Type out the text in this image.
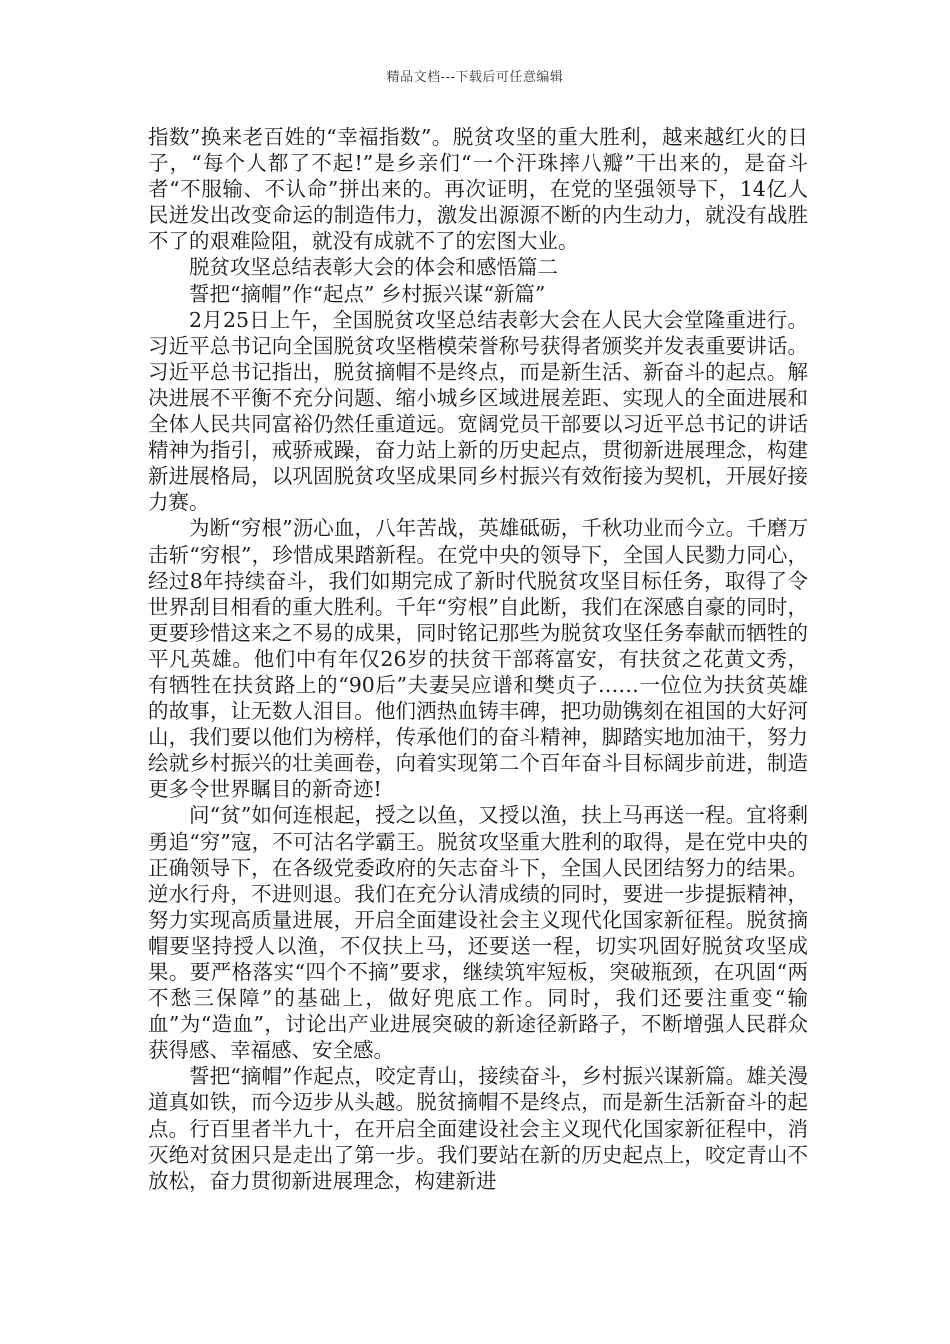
精品文档---下载后可任意编辑

指数”换来老百姓的“幸福指数”。脱贫攻坚的重大胜利，越来越红火的日子，“每个人都了不起!”是乡亲们“一个汗珠摔八瓣”干出来的，是奋斗者“不服输、不认命”拼出来的。再次证明，在党的坚强领导下，14亿人民迸发出改变命运的制造伟力，激发出源源不断的内生动力，就没有战胜不了的艰难险阻，就没有成就不了的宏图大业。

脱贫攻坚总结表彰大会的体会和感悟篇二

誓把“摘帽”作“起点” 乡村振兴谋“新篇”

2月25日上午，全国脱贫攻坚总结表彰大会在人民大会堂隆重进行。习近平总书记向全国脱贫攻坚楷模荣誉称号获得者颁奖并发表重要讲话。习近平总书记指出，脱贫摘帽不是终点，而是新生活、新奋斗的起点。解决进展不平衡不充分问题、缩小城乡区域进展差距、实现人的全面进展和全体人民共同富裕仍然任重道远。宽阔党员干部要以习近平总书记的讲话精神为指引，戒骄戒躁，奋力站上新的历史起点，贯彻新进展理念，构建新进展格局，以巩固脱贫攻坚成果同乡村振兴有效衔接为契机，开展好接力赛。

为断“穷根”沥心血，八年苦战，英雄砥砺，千秋功业而今立。千磨万击斩“穷根”，珍惜成果踏新程。在党中央的领导下，全国人民勠力同心，经过8年持续奋斗，我们如期完成了新时代脱贫攻坚目标任务，取得了令世界刮目相看的重大胜利。千年“穷根”自此断，我们在深感自豪的同时，更要珍惜这来之不易的成果，同时铭记那些为脱贫攻坚任务奉献而牺牲的平凡英雄。他们中有年仅26岁的扶贫干部蒋富安，有扶贫之花黄文秀，有牺牲在扶贫路上的“90后”夫妻吴应谱和樊贞子……一位位为扶贫英雄的故事，让无数人泪目。他们洒热血铸丰碑，把功勋镌刻在祖国的大好河山，我们要以他们为榜样，传承他们的奋斗精神，脚踏实地加油干，努力绘就乡村振兴的壮美画卷，向着实现第二个百年奋斗目标阔步前进，制造更多令世界瞩目的新奇迹!

问“贫”如何连根起，授之以鱼，又授以渔，扶上马再送一程。宜将剩勇追“穷”寇，不可沽名学霸王。脱贫攻坚重大胜利的取得，是在党中央的正确领导下，在各级党委政府的矢志奋斗下，全国人民团结努力的结果。逆水行舟，不进则退。我们在充分认清成绩的同时，要进一步提振精神，努力实现高质量进展，开启全面建设社会主义现代化国家新征程。脱贫摘帽要坚持授人以渔，不仅扶上马，还要送一程，切实巩固好脱贫攻坚成果。要严格落实“四个不摘”要求，继续筑牢短板，突破瓶颈，在巩固“两不愁三保障”的基础上，做好兜底工作。同时，我们还要注重变“输血”为“造血”，讨论出产业进展突破的新途径新路子，不断增强人民群众获得感、幸福感、安全感。

誓把“摘帽”作起点，咬定青山，接续奋斗，乡村振兴谋新篇。雄关漫道真如铁，而今迈步从头越。脱贫摘帽不是终点，而是新生活新奋斗的起点。行百里者半九十，在开启全面建设社会主义现代化国家新征程中，消灭绝对贫困只是走出了第一步。我们要站在新的历史起点上，咬定青山不放松，奋力贯彻新进展理念，构建新进
